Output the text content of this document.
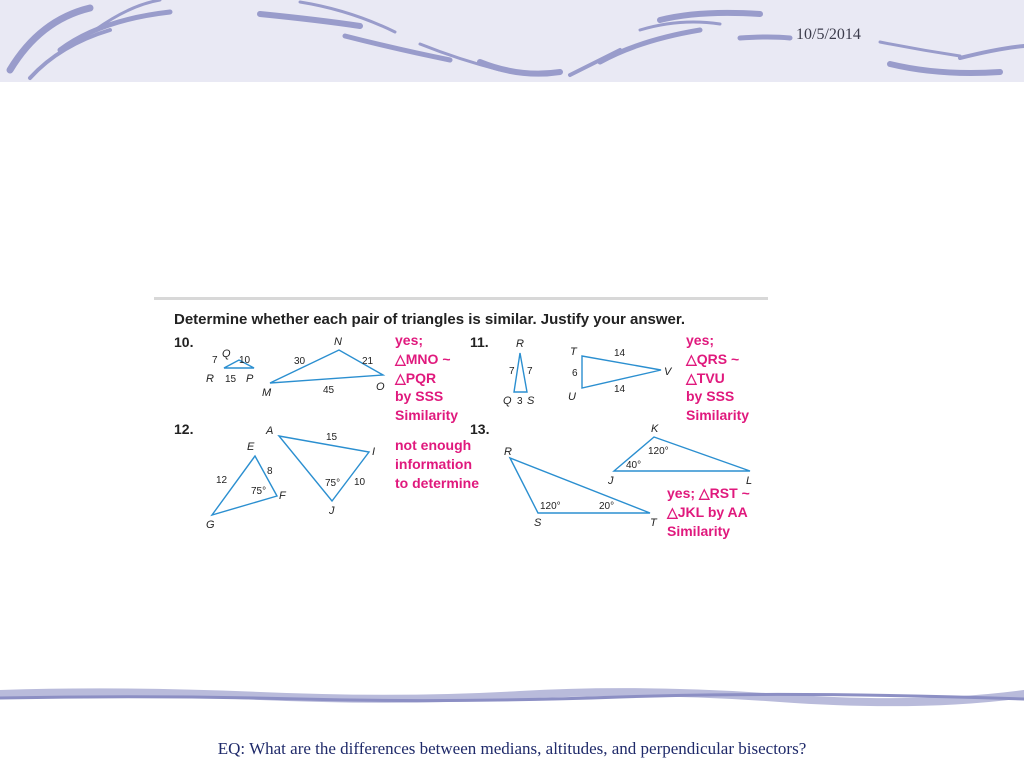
10/5/2014
Determine whether each pair of triangles is similar. Justify your answer.
10.
Q
7 10
R 15 P
N
30	21
45
M	O
yes;
△MNO ~
△PQR
by SSS
Similarity
11. R
7 7
Q 3 S
T
6
14
14
U
V
yes;
△QRS ~
△TVU
by SSS
Similarity
12.
E
12
8
75° F
G
A
15
I
10
75°
J
not enough
information
to determine
13.
R
120°	20°
S	T
K
120°
40°
J	L
yes; △RST ~
△JKL by AA
Similarity
EQ: What are the differences between medians, altitudes, and perpendicular bisectors?
